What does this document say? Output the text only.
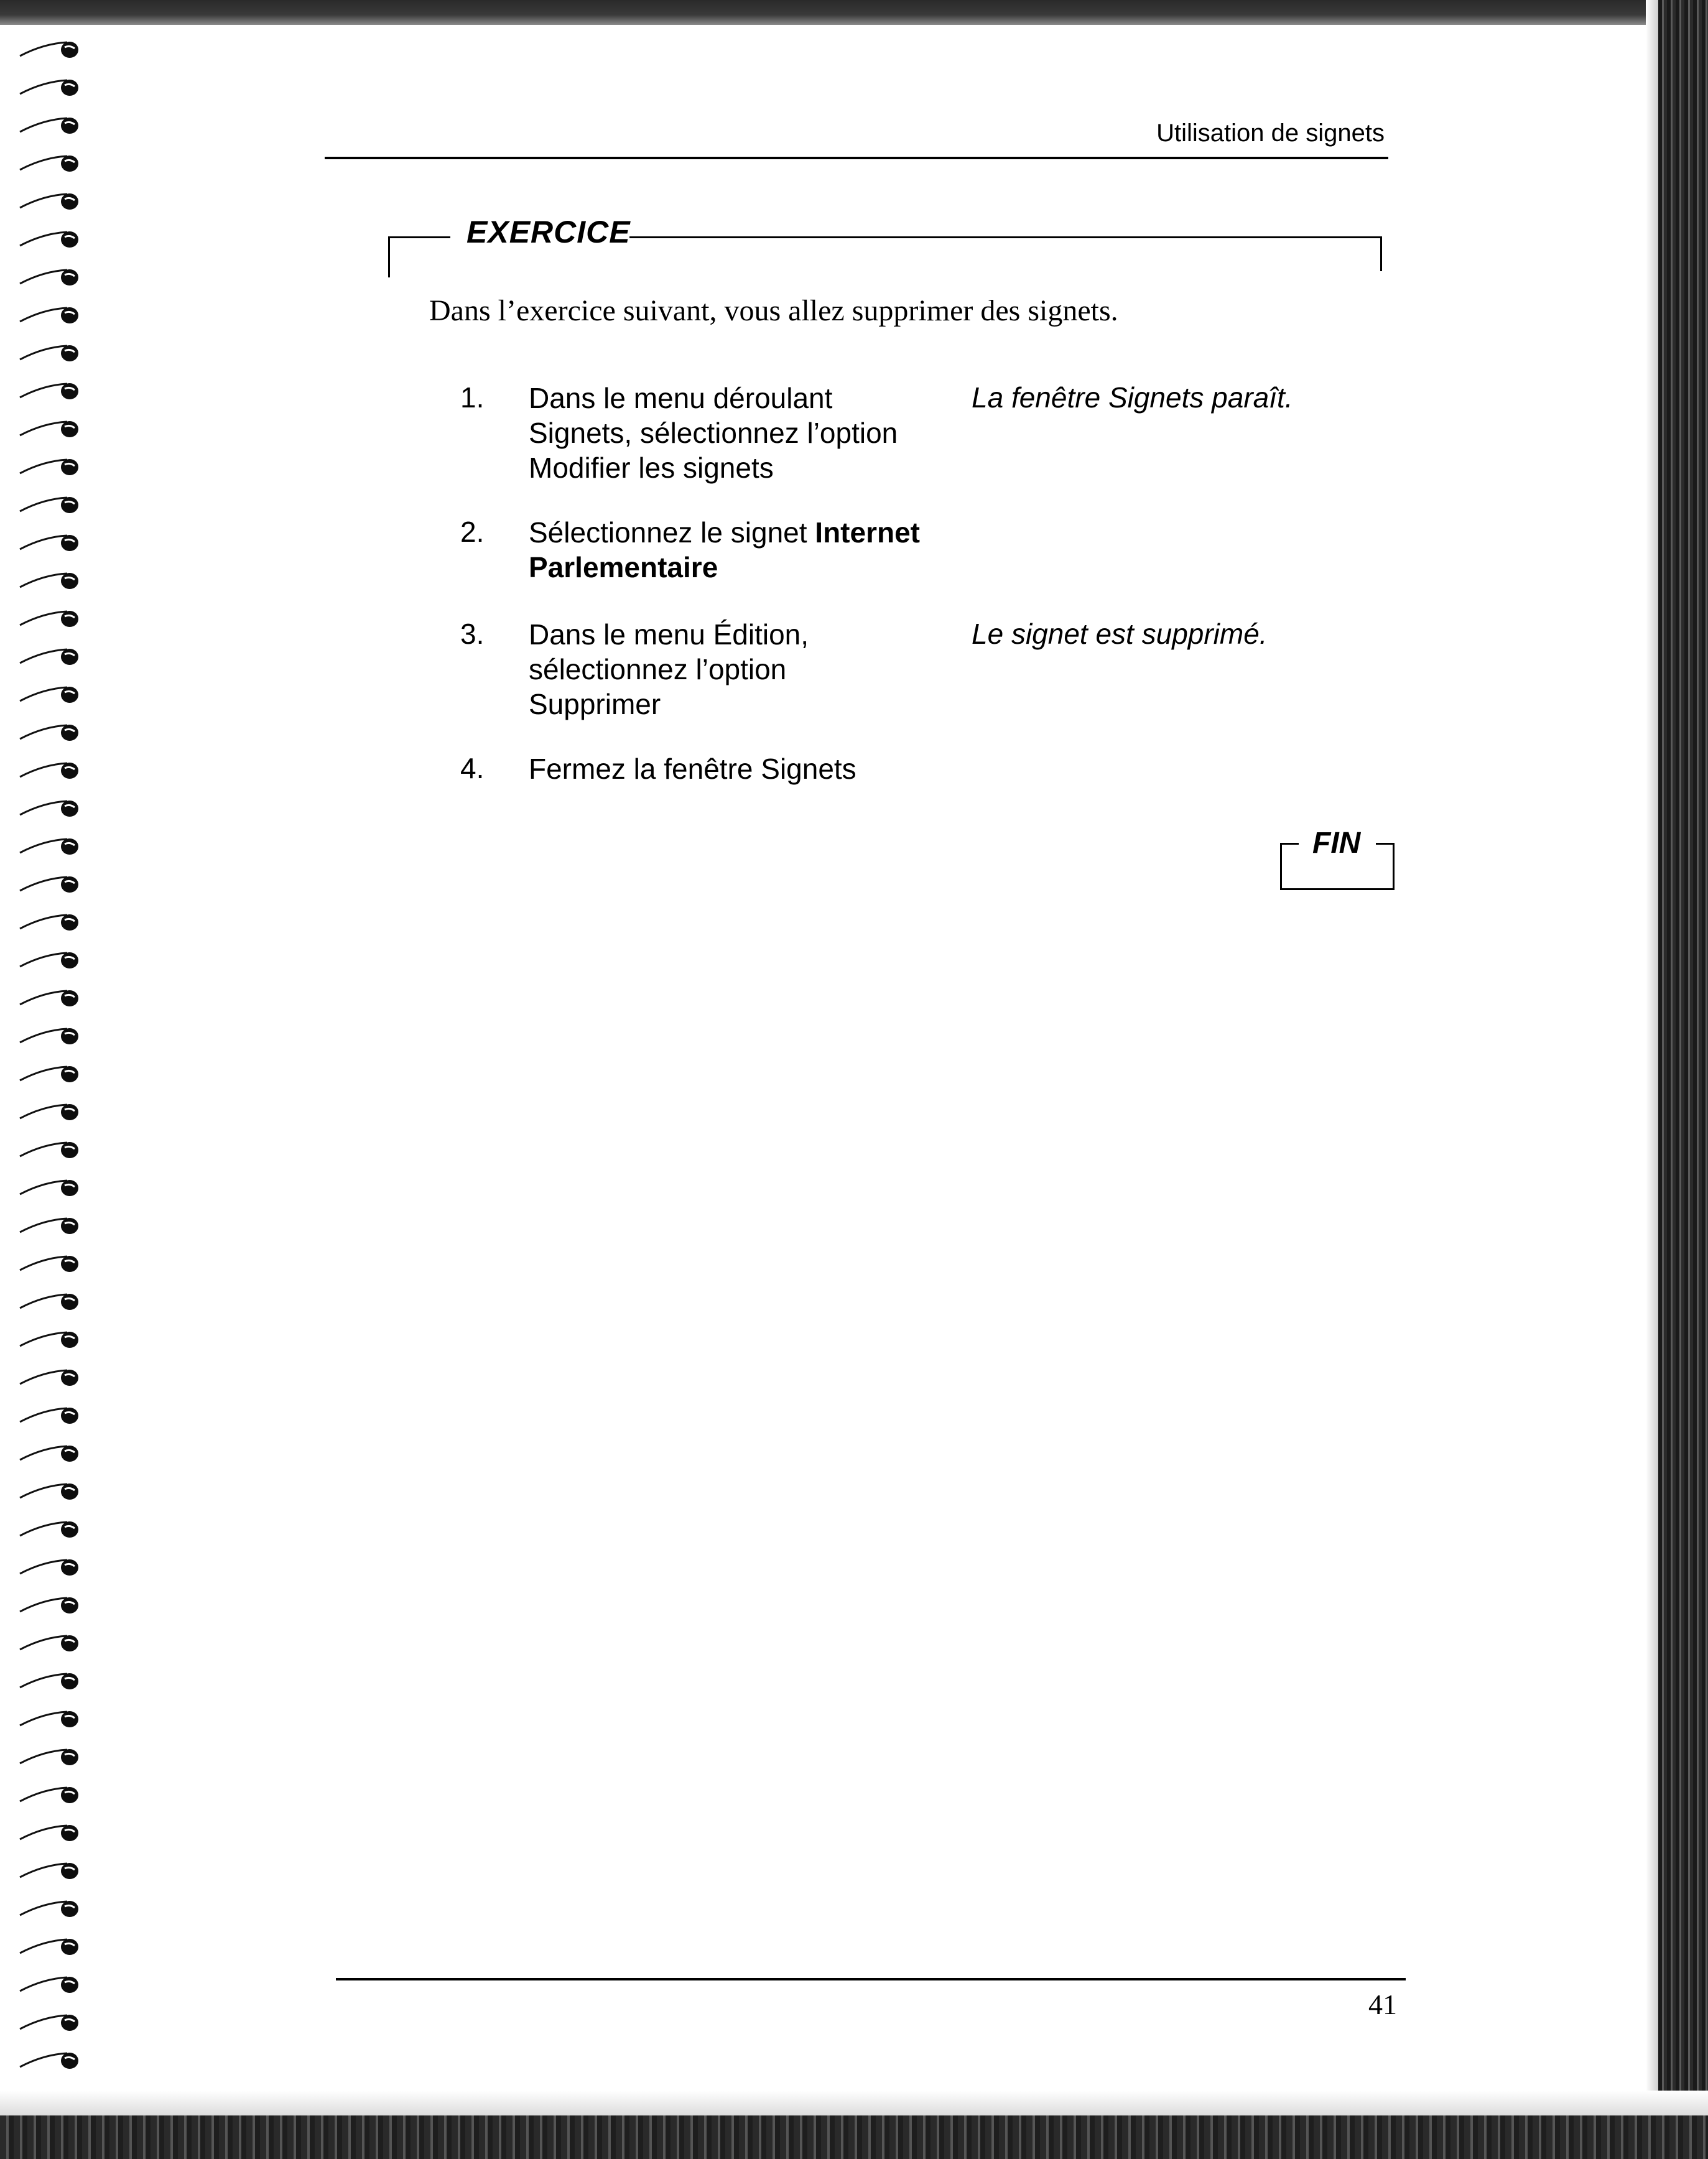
Utilisation de signets
EXERCICE
Dans l’exercice suivant, vous allez supprimer des signets.
1. Dans le menu déroulant
Signets, sélectionnez l’option
Modifier les signets
La fenêtre Signets paraît.
2. Sélectionnez le signet Internet
Parlementaire
3. Dans le menu Édition,
sélectionnez l’option
Supprimer
Le signet est supprimé.
4. Fermez la fenêtre Signets
FIN
41
